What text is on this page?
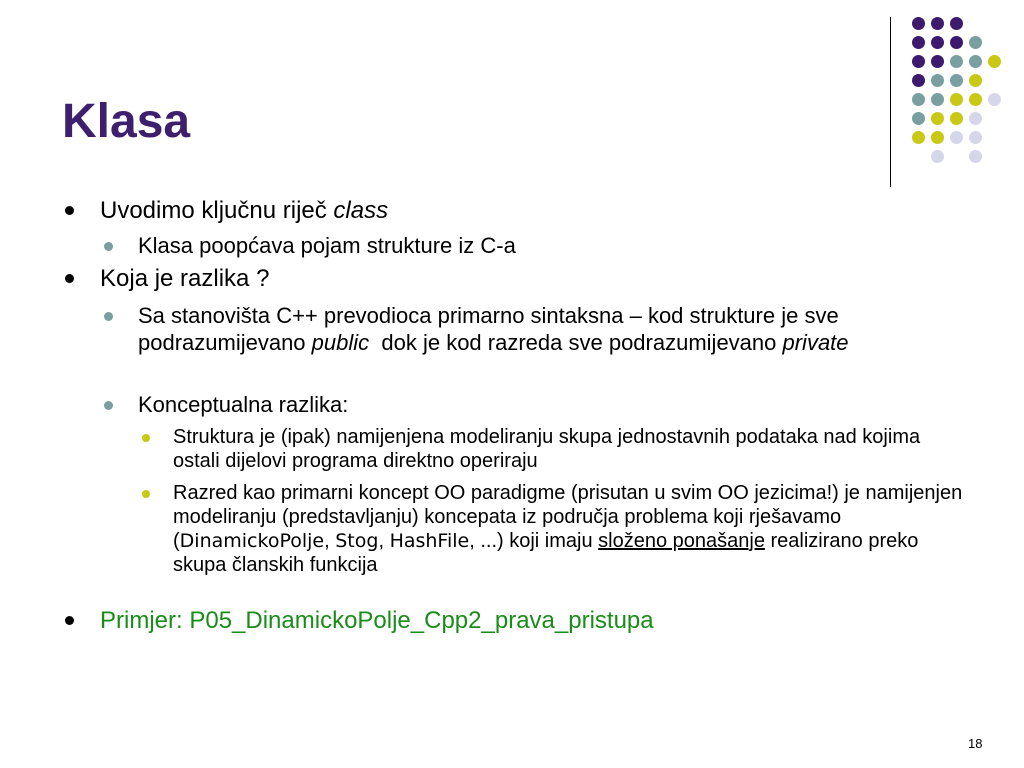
Klasa

Uvodimo ključnu riječ class

Klasa poopćava pojam strukture iz C-a

Koja je razlika ?

Sa stanovišta C++ prevodioca primarno sintaksna – kod strukture je sve podrazumijevano public  dok je kod razreda sve podrazumijevano private

Konceptualna razlika:

Struktura je (ipak) namijenjena modeliranju skupa jednostavnih podataka nad kojima ostali dijelovi programa direktno operiraju

Razred kao primarni koncept OO paradigme (prisutan u svim OO jezicima!) je namijenjen modeliranju (predstavljanju) koncepata iz područja problema koji rješavamo (DinamickoPolje, Stog, HashFile, ...) koji imaju složeno ponašanje realizirano preko skupa članskih funkcija

Primjer: P05_DinamickoPolje_Cpp2_prava_pristupa

18
